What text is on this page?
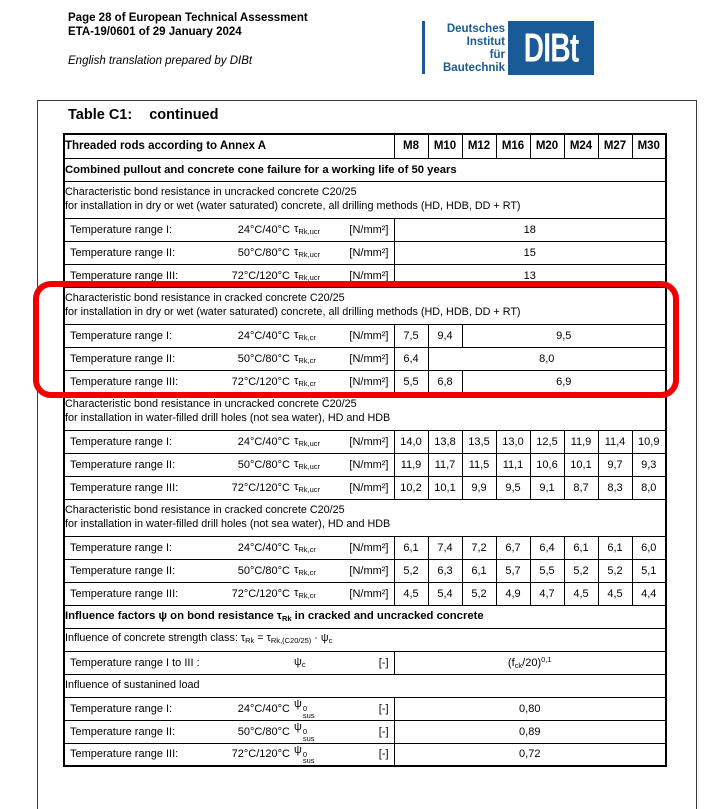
Page 28 of European Technical Assessment
ETA-19/0601 of 29 January 2024
English translation prepared by DIBt
Deutsches
Institut
für
Bautechnik DIBt
Table C1: continued
Threaded rods according to Annex A	M8	M10	M12	M16	M20	M24	M27	M30
Combined pullout and concrete cone failure for a working life of 50 years								

Characteristic bond resistance in uncracked concrete C20/25
for installation in dry or wet (water saturated) concrete, all drilling methods (HD, HDB, DD + RT)								

Temperature range I: 24°C/40°C $\tau_{Rk,ucr}$ [N/mm²]	18							

Temperature range II: 50°C/80°C $\tau_{Rk,ucr}$ [N/mm²]	15							

Temperature range III: 72°C/120°C $\tau_{Rk,ucr}$ [N/mm²]	13							

Characteristic bond resistance in cracked concrete C20/25
for installation in dry or wet (water saturated) concrete, all drilling methods (HD, HDB, DD + RT)								

Temperature range I: 24°C/40°C $\tau_{Rk,cr}$ [N/mm²]	7,5	9,4	9,5					

Temperature range II: 50°C/80°C $\tau_{Rk,cr}$ [N/mm²]	6,4	8,0						

Temperature range III: 72°C/120°C $\tau_{Rk,cr}$ [N/mm²]	5,5	6,8	6,9					

Characteristic bond resistance in uncracked concrete C20/25
for installation in water-filled drill holes (not sea water), HD and HDB								

Temperature range I: 24°C/40°C $\tau_{Rk,ucr}$ [N/mm²]	14,0	13,8	13,5	13,0	12,5	11,9	11,4	10,9

Temperature range II: 50°C/80°C $\tau_{Rk,ucr}$ [N/mm²]	11,9	11,7	11,5	11,1	10,6	10,1	9,7	9,3

Temperature range III: 72°C/120°C $\tau_{Rk,ucr}$ [N/mm²]	10,2	10,1	9,9	9,5	9,1	8,7	8,3	8,0

Characteristic bond resistance in cracked concrete C20/25
for installation in water-filled drill holes (not sea water), HD and HDB								

Temperature range I: 24°C/40°C $\tau_{Rk,cr}$ [N/mm²]	6,1	7,4	7,2	6,7	6,4	6,1	6,1	6,0

Temperature range II: 50°C/80°C $\tau_{Rk,cr}$ [N/mm²]	5,2	6,3	6,1	5,7	5,5	5,2	5,2	5,1

Temperature range III: 72°C/120°C $\tau_{Rk,cr}$ [N/mm²]	4,5	5,4	5,2	4,9	4,7	4,5	4,5	4,4
Influence factors ψ on bond resistance $\tau_{Rk}$ in cracked and uncracked concrete								
Influence of concrete strength class: $\tau_{Rk} = \tau_{Rk,(C20/25)} \cdot \psi_c$

Temperature range I to III : $\psi_c$ [-]	$(f_{ck}/20)^{0,1}$
Influence of sustanined load								

Temperature range I:	24°C/40°C ψ 0
sus
[-]	0,80

Temperature range II:	50°C/80°C ψ 0
sus
[-]	0,89

Temperature range III:	72°C/120°C ψ 0
sus
[-]	0,72
